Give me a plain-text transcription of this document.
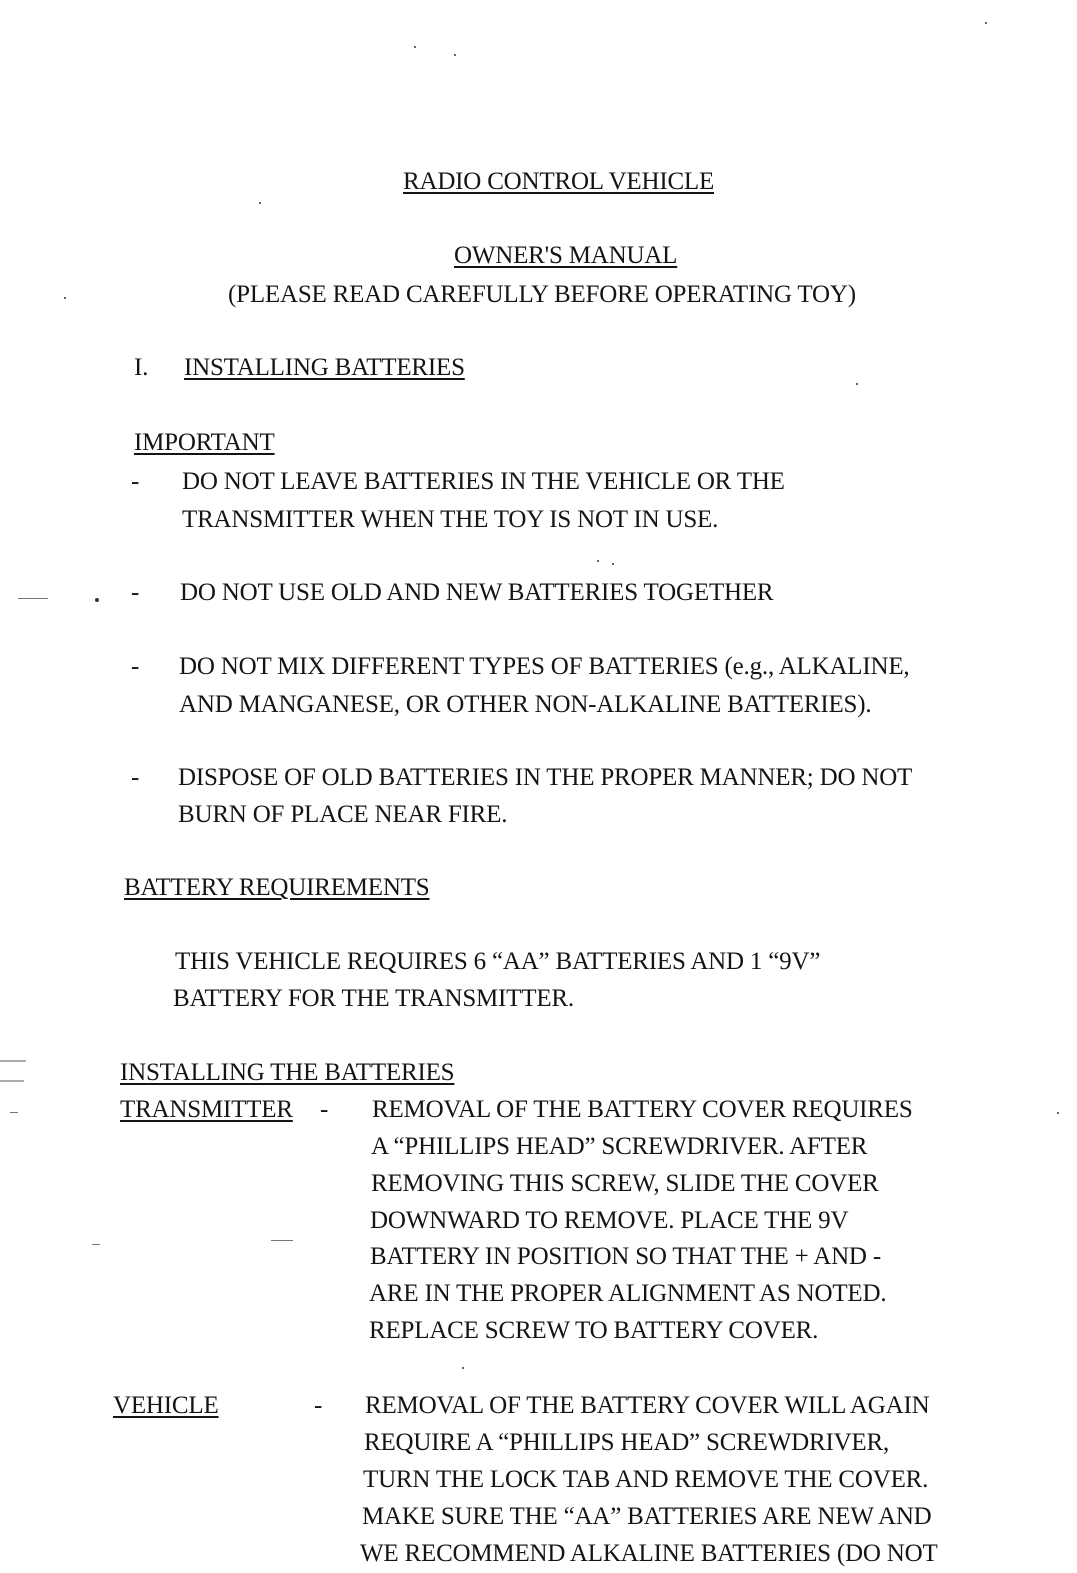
RADIO CONTROL VEHICLE
OWNER'S MANUAL
(PLEASE READ CAREFULLY BEFORE OPERATING TOY)
I. INSTALLING BATTERIES
IMPORTANT
- DO NOT LEAVE BATTERIES IN THE VEHICLE OR THE
TRANSMITTER WHEN THE TOY IS NOT IN USE.
- DO NOT USE OLD AND NEW BATTERIES TOGETHER
- DO NOT MIX DIFFERENT TYPES OF BATTERIES (e.g., ALKALINE,
AND MANGANESE, OR OTHER NON-ALKALINE BATTERIES).
- DISPOSE OF OLD BATTERIES IN THE PROPER MANNER; DO NOT
BURN OF PLACE NEAR FIRE.
BATTERY REQUIREMENTS
THIS VEHICLE REQUIRES 6 “AA” BATTERIES AND 1 “9V”
BATTERY FOR THE TRANSMITTER.
INSTALLING THE BATTERIES
TRANSMITTER - REMOVAL OF THE BATTERY COVER REQUIRES
A “PHILLIPS HEAD” SCREWDRIVER. AFTER
REMOVING THIS SCREW, SLIDE THE COVER
DOWNWARD TO REMOVE. PLACE THE 9V
BATTERY IN POSITION SO THAT THE + AND -
ARE IN THE PROPER ALIGNMENT AS NOTED.
REPLACE SCREW TO BATTERY COVER.
VEHICLE	- REMOVAL OF THE BATTERY COVER WILL AGAIN
REQUIRE A “PHILLIPS HEAD” SCREWDRIVER,
TURN THE LOCK TAB AND REMOVE THE COVER.
MAKE SURE THE “AA” BATTERIES ARE NEW AND
WE RECOMMEND ALKALINE BATTERIES (DO NOT
